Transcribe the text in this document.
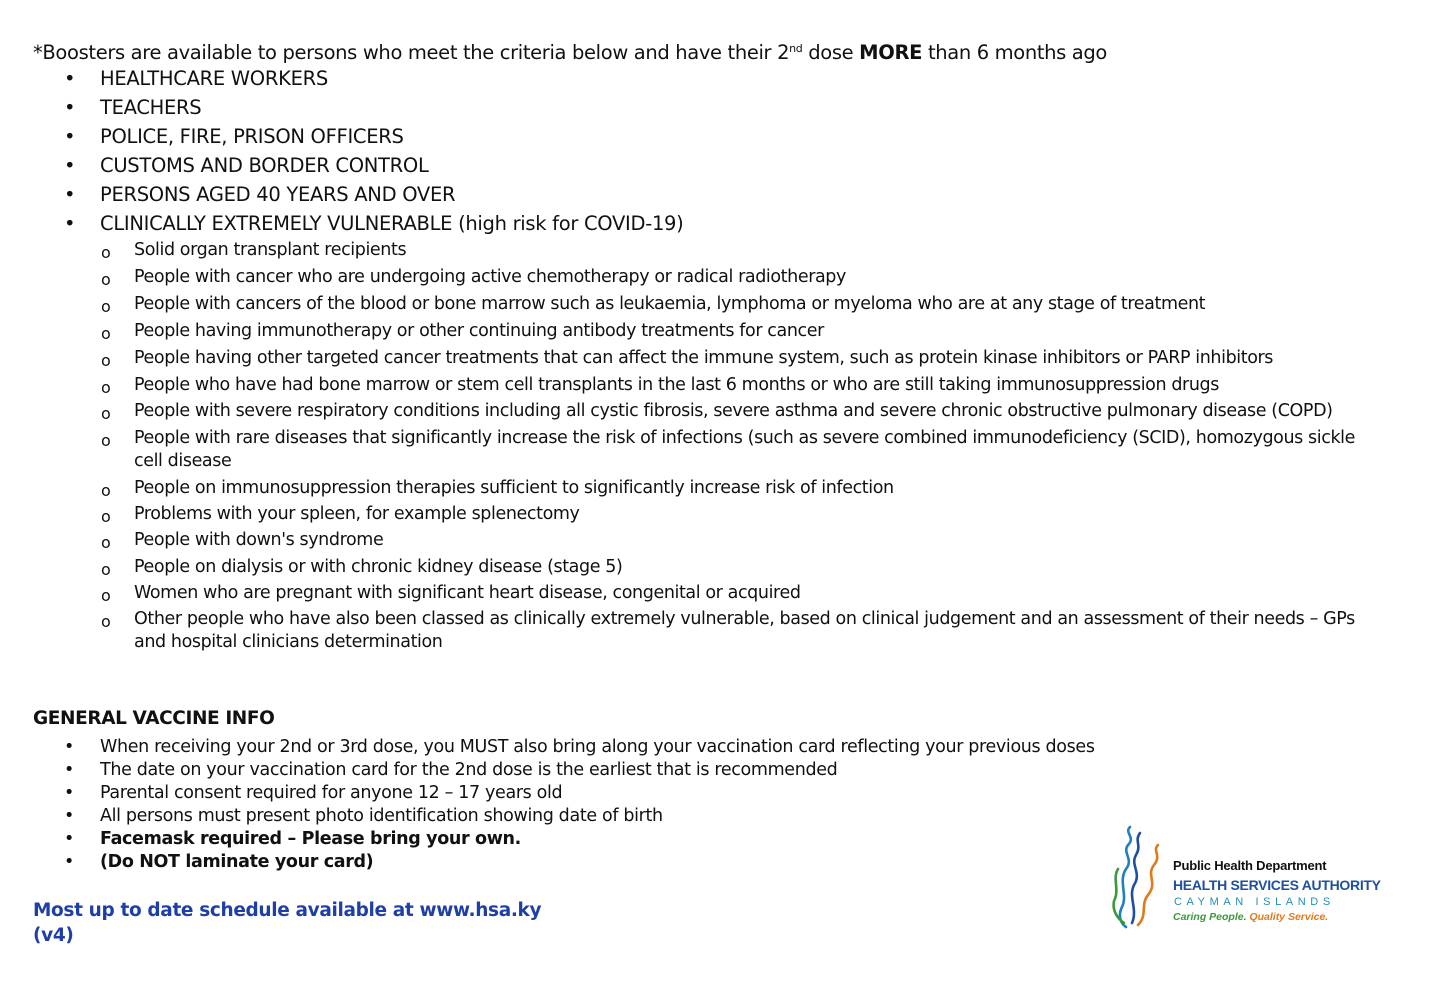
*Boosters are available to persons who meet the criteria below and have their 2nd dose MORE than 6 months ago
• HEALTHCARE WORKERS
• TEACHERS
• POLICE, FIRE, PRISON OFFICERS
• CUSTOMS AND BORDER CONTROL
• PERSONS AGED 40 YEARS AND OVER
• CLINICALLY EXTREMELY VULNERABLE (high risk for COVID-19)
o Solid organ transplant recipients
o People with cancer who are undergoing active chemotherapy or radical radiotherapy
o People with cancers of the blood or bone marrow such as leukaemia, lymphoma or myeloma who are at any stage of treatment
o People having immunotherapy or other continuing antibody treatments for cancer
o People having other targeted cancer treatments that can affect the immune system, such as protein kinase inhibitors or PARP inhibitors
o People who have had bone marrow or stem cell transplants in the last 6 months or who are still taking immunosuppression drugs
o People with severe respiratory conditions including all cystic fibrosis, severe asthma and severe chronic obstructive pulmonary disease (COPD)
o People with rare diseases that significantly increase the risk of infections (such as severe combined immunodeficiency (SCID), homozygous sickle cell disease
o People on immunosuppression therapies sufficient to significantly increase risk of infection
o Problems with your spleen, for example splenectomy
o People with down's syndrome
o People on dialysis or with chronic kidney disease (stage 5)
o Women who are pregnant with significant heart disease, congenital or acquired
o Other people who have also been classed as clinically extremely vulnerable, based on clinical judgement and an assessment of their needs – GPs and hospital clinicians determination
GENERAL VACCINE INFO
• When receiving your 2nd or 3rd dose, you MUST also bring along your vaccination card reflecting your previous doses
• The date on your vaccination card for the 2nd dose is the earliest that is recommended
• Parental consent required for anyone 12 – 17 years old
• All persons must present photo identification showing date of birth
• Facemask required – Please bring your own.
• (Do NOT laminate your card)
Most up to date schedule available at www.hsa.ky
(v4)
Public Health Department
HEALTH SERVICES AUTHORITY
CAYMAN ISLANDS
Caring People. Quality Service.
